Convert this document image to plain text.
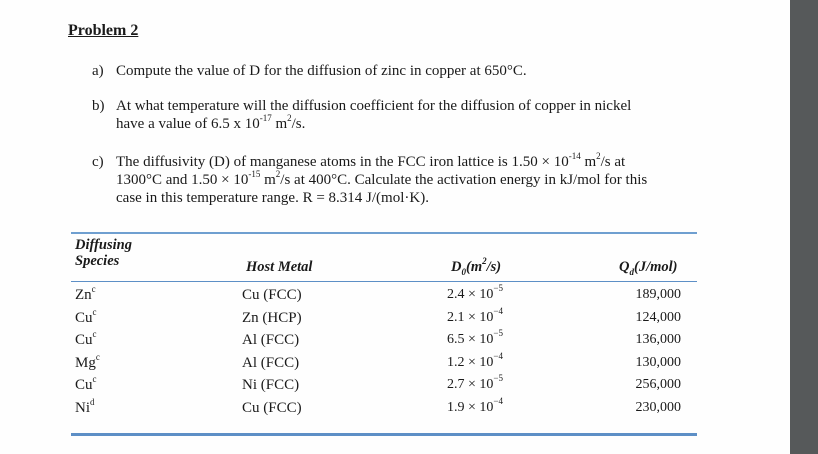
Problem 2
a) Compute the value of D for the diffusion of zinc in copper at 650°C.
b) At what temperature will the diffusion coefficient for the diffusion of copper in nickel
have a value of 6.5 x $10^{-17}$ $m^2/s$.
c) The diffusivity (D) of manganese atoms in the FCC iron lattice is $1.50 \times 10^{-14}$ $m^2/s$ at
1300°C and $1.50 \times 10^{-15}$ $m^2/s$ at 400°C. Calculate the activation energy in kJ/mol for this
case in this temperature range. R = 8.314 J/(mol·K).
Diffusing
Species	Host Metal	$D_0(m^2/s)$	$Q_d(J/mol)$
Zn$^c$	Cu (FCC)	$2.4 \times 10^{-5}$	189,000
Cu$^c$	Zn (HCP)	$2.1 \times 10^{-4}$	124,000
Cu$^c$	Al (FCC)	$6.5 \times 10^{-5}$	136,000
Mg$^c$	Al (FCC)	$1.2 \times 10^{-4}$	130,000
Cu$^c$	Ni (FCC)	$2.7 \times 10^{-5}$	256,000
Ni$^d$	Cu (FCC)	$1.9 \times 10^{-4}$	230,000
